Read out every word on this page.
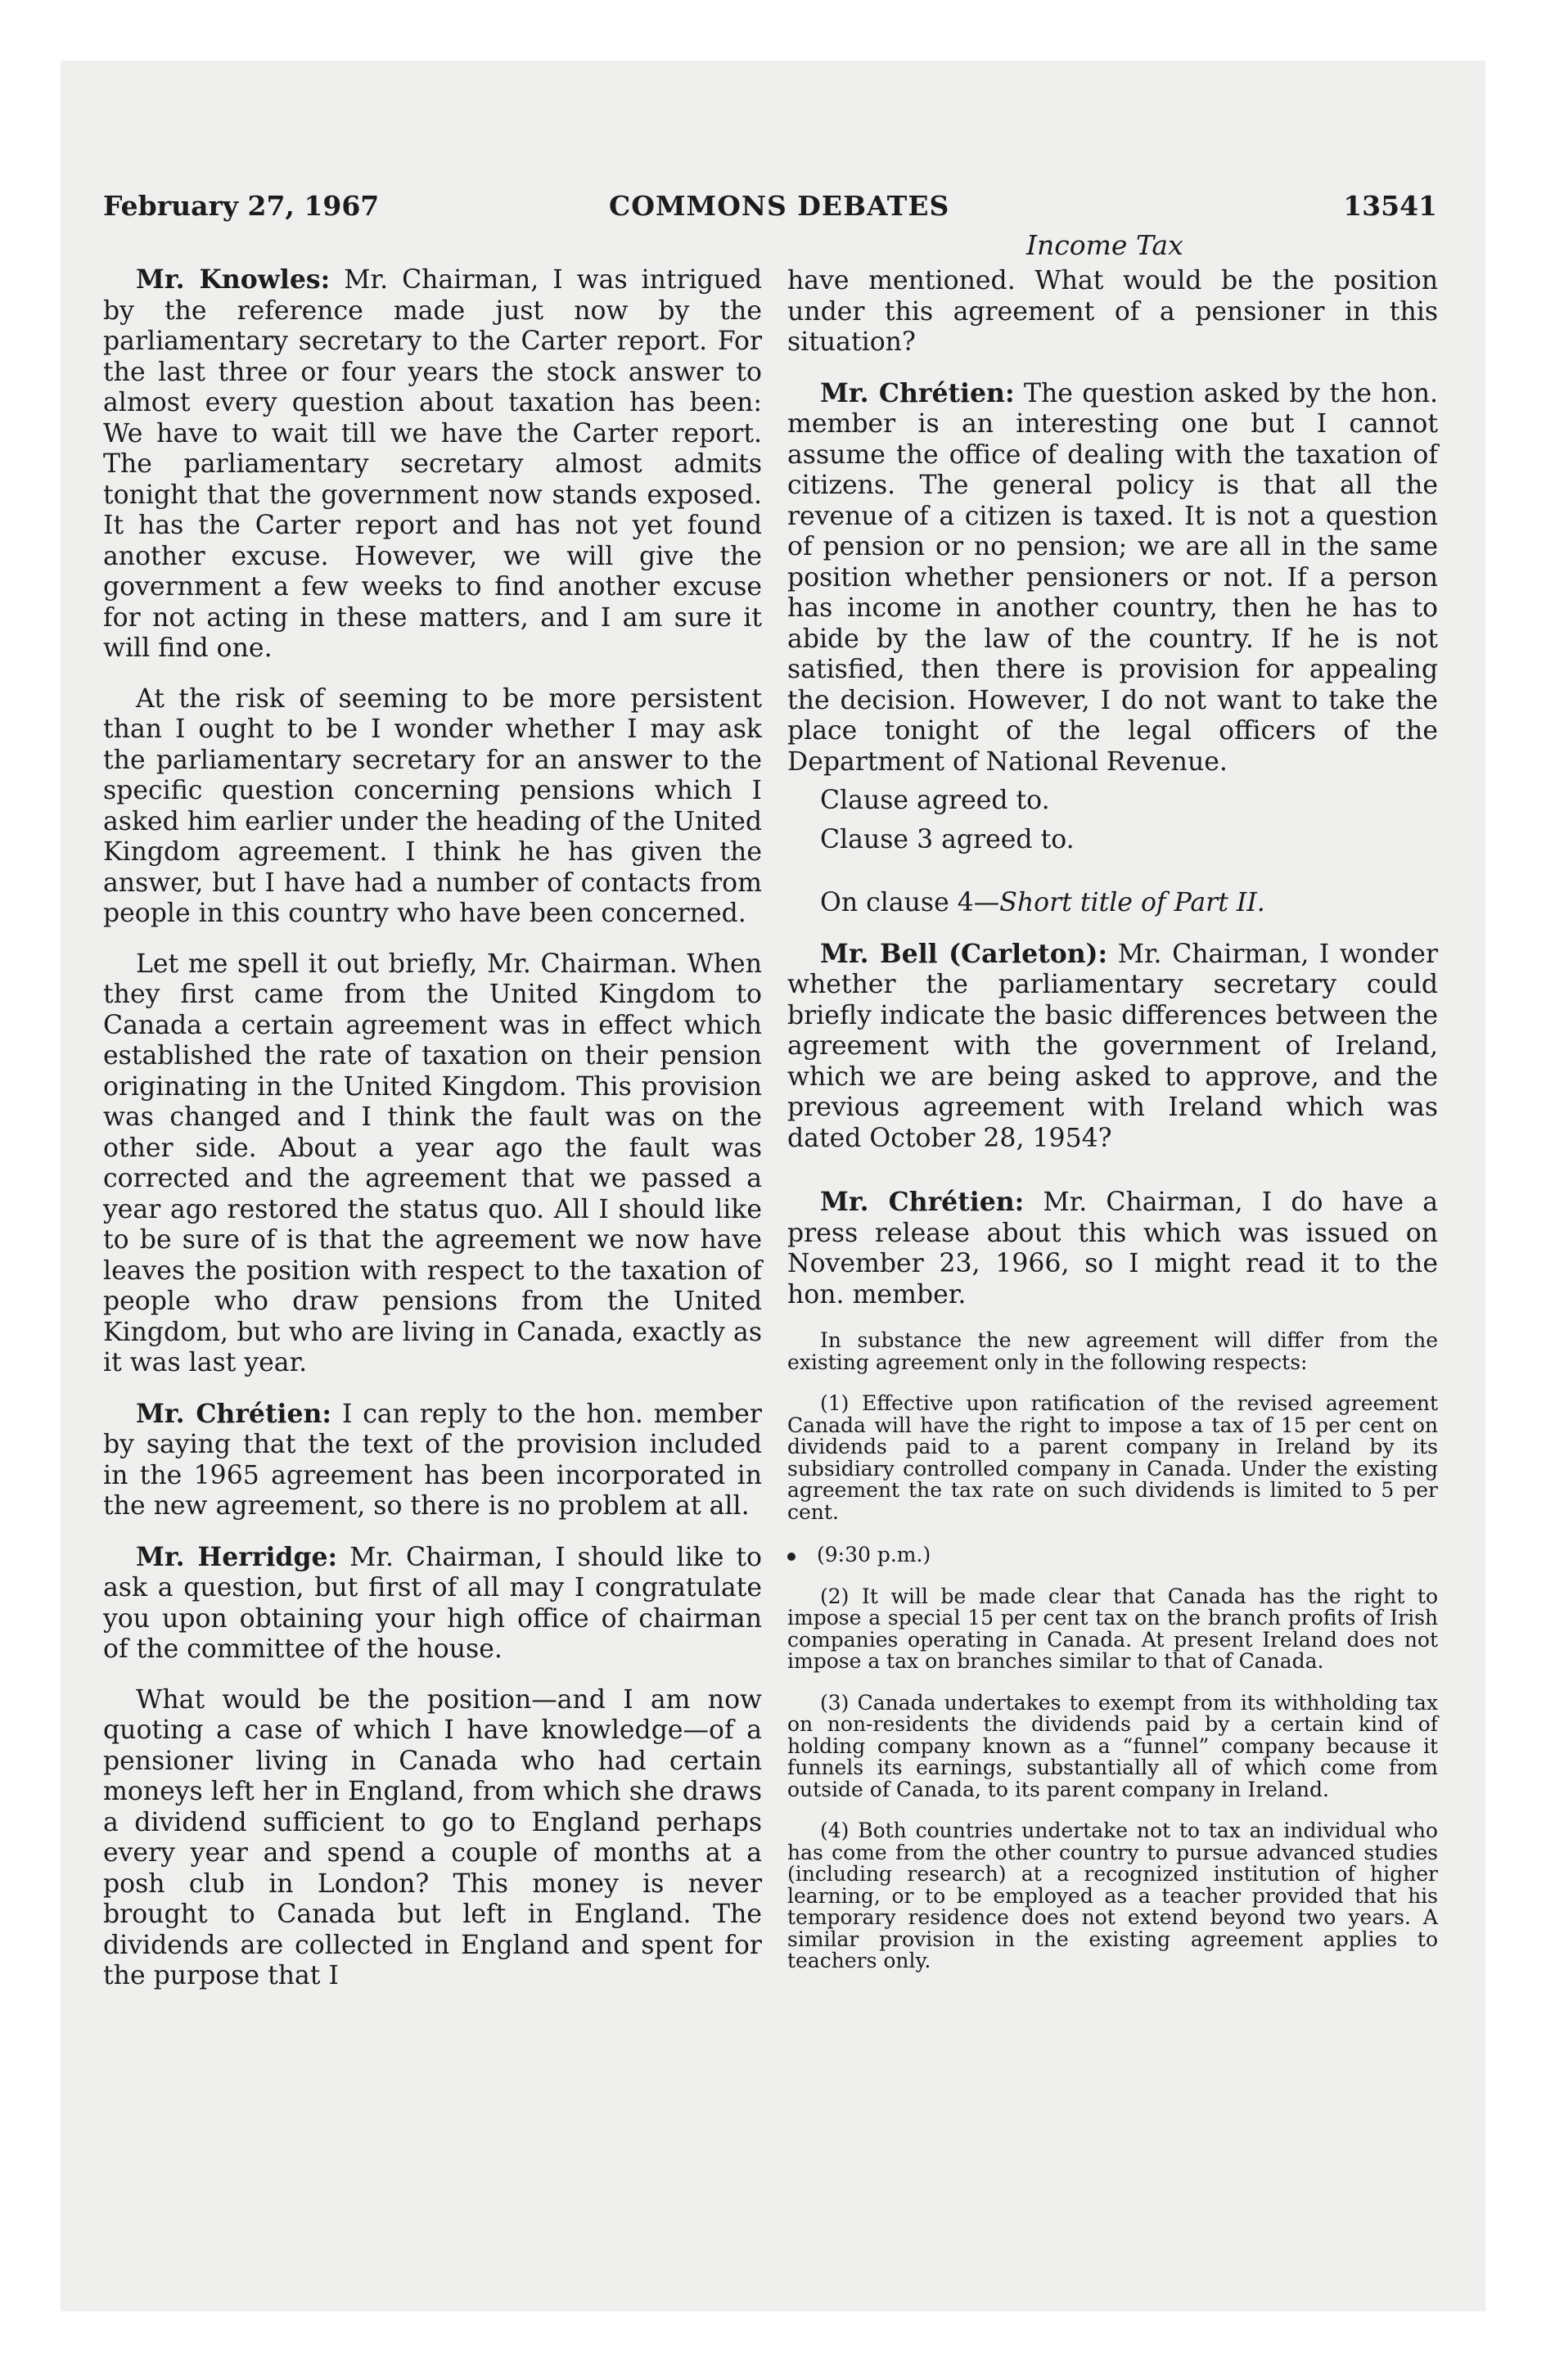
February 27, 1967	COMMONS DEBATES	13541
Income Tax

Mr. Knowles: Mr. Chairman, I was intrigued by the reference made just now by the parliamentary secretary to the Carter report. For the last three or four years the stock answer to almost every question about taxation has been: We have to wait till we have the Carter report. The parliamentary secretary almost admits tonight that the government now stands exposed. It has the Carter report and has not yet found another excuse. However, we will give the government a few weeks to find another excuse for not acting in these matters, and I am sure it will find one.

At the risk of seeming to be more persistent than I ought to be I wonder whether I may ask the parliamentary secretary for an answer to the specific question concerning pensions which I asked him earlier under the heading of the United Kingdom agreement. I think he has given the answer, but I have had a number of contacts from people in this country who have been concerned.

Let me spell it out briefly, Mr. Chairman. When they first came from the United Kingdom to Canada a certain agreement was in effect which established the rate of taxation on their pension originating in the United Kingdom. This provision was changed and I think the fault was on the other side. About a year ago the fault was corrected and the agreement that we passed a year ago restored the status quo. All I should like to be sure of is that the agreement we now have leaves the position with respect to the taxation of people who draw pensions from the United Kingdom, but who are living in Canada, exactly as it was last year.

Mr. Chrétien: I can reply to the hon. member by saying that the text of the provision included in the 1965 agreement has been incorporated in the new agreement, so there is no problem at all.

Mr. Herridge: Mr. Chairman, I should like to ask a question, but first of all may I congratulate you upon obtaining your high office of chairman of the committee of the house.

What would be the position—and I am now quoting a case of which I have knowledge—of a pensioner living in Canada who had certain moneys left her in England, from which she draws a dividend sufficient to go to England perhaps every year and spend a couple of months at a posh club in London? This money is never brought to Canada but left in England. The dividends are collected in England and spent for the purpose that I

have mentioned. What would be the position under this agreement of a pensioner in this situation?

Mr. Chrétien: The question asked by the hon. member is an interesting one but I cannot assume the office of dealing with the taxation of citizens. The general policy is that all the revenue of a citizen is taxed. It is not a question of pension or no pension; we are all in the same position whether pensioners or not. If a person has income in another country, then he has to abide by the law of the country. If he is not satisfied, then there is provision for appealing the decision. However, I do not want to take the place tonight of the legal officers of the Department of National Revenue.

Clause agreed to.

Clause 3 agreed to.

On clause 4—Short title of Part II.

Mr. Bell (Carleton): Mr. Chairman, I wonder whether the parliamentary secretary could briefly indicate the basic differences between the agreement with the government of Ireland, which we are being asked to approve, and the previous agreement with Ireland which was dated October 28, 1954?

Mr. Chrétien: Mr. Chairman, I do have a press release about this which was issued on November 23, 1966, so I might read it to the hon. member.

In substance the new agreement will differ from the existing agreement only in the following respects:

(1) Effective upon ratification of the revised agreement Canada will have the right to impose a tax of 15 per cent on dividends paid to a parent company in Ireland by its subsidiary controlled company in Canada. Under the existing agreement the tax rate on such dividends is limited to 5 per cent.

(9:30 p.m.)

(2) It will be made clear that Canada has the right to impose a special 15 per cent tax on the branch profits of Irish companies operating in Canada. At present Ireland does not impose a tax on branches similar to that of Canada.

(3) Canada undertakes to exempt from its withholding tax on non-residents the dividends paid by a certain kind of holding company known as a “funnel” company because it funnels its earnings, substantially all of which come from outside of Canada, to its parent company in Ireland.

(4) Both countries undertake not to tax an individual who has come from the other country to pursue advanced studies (including research) at a recognized institution of higher learning, or to be employed as a teacher provided that his temporary residence does not extend beyond two years. A similar provision in the existing agreement applies to teachers only.
